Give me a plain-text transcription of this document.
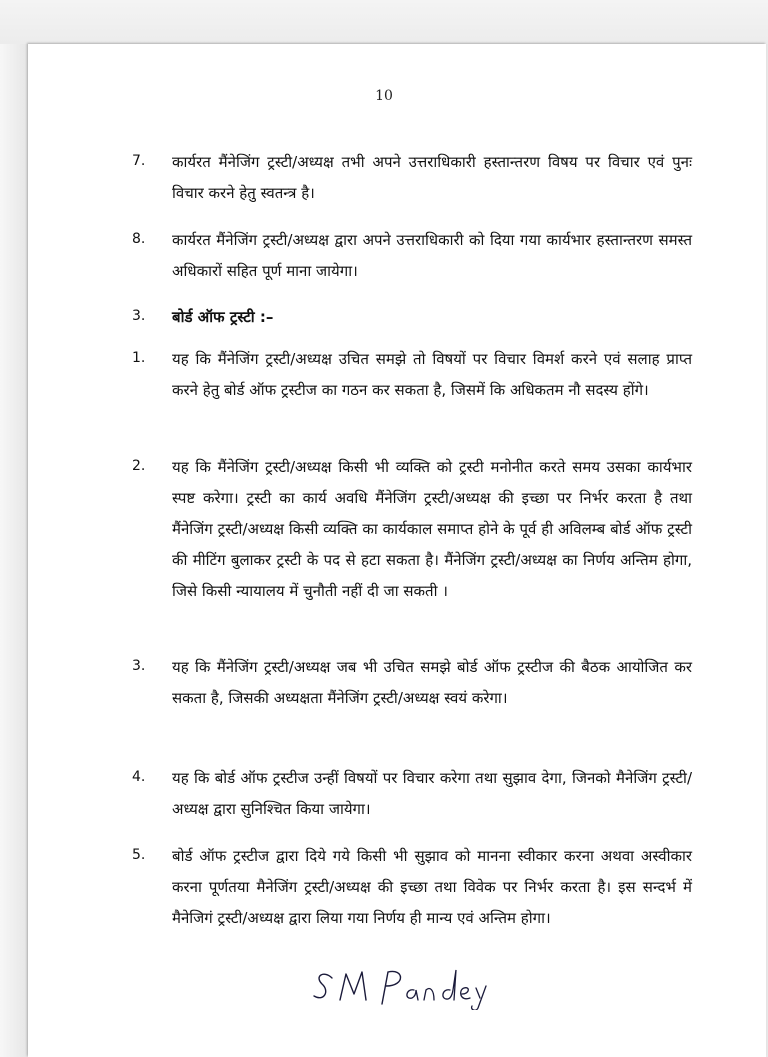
10
7. कार्यरत मैंनेजिंग ट्रस्टी/अध्यक्ष तभी अपने उत्तराधिकारी हस्तान्तरण विषय पर विचार एवं पुनः विचार करने हेतु स्वतन्त्र है।
8. कार्यरत मैंनेजिंग ट्रस्टी/अध्यक्ष द्वारा अपने उत्तराधिकारी को दिया गया कार्यभार हस्तान्तरण समस्त अधिकारों सहित पूर्ण माना जायेगा।
3. बोर्ड ऑफ ट्रस्टी :–
1. यह कि मैंनेजिंग ट्रस्टी/अध्यक्ष उचित समझे तो विषयों पर विचार विमर्श करने एवं सलाह प्राप्त करने हेतु बोर्ड ऑफ ट्रस्टीज का गठन कर सकता है, जिसमें कि अधिकतम नौ सदस्य होंगे।
2. यह कि मैंनेजिंग ट्रस्टी/अध्यक्ष किसी भी व्यक्ति को ट्रस्टी मनोनीत करते समय उसका कार्यभार स्पष्ट करेगा। ट्रस्टी का कार्य अवधि मैंनेजिंग ट्रस्टी/अध्यक्ष की इच्छा पर निर्भर करता है तथा मैंनेजिंग ट्रस्टी/अध्यक्ष किसी व्यक्ति का कार्यकाल समाप्त होने के पूर्व ही अविलम्ब बोर्ड ऑफ ट्रस्टी की मीटिंग बुलाकर ट्रस्टी के पद से हटा सकता है। मैंनेजिंग ट्रस्टी/अध्यक्ष का निर्णय अन्तिम होगा, जिसे किसी न्यायालय में चुनौती नहीं दी जा सकती ।
3. यह कि मैंनेजिंग ट्रस्टी/अध्यक्ष जब भी उचित समझे बोर्ड ऑफ ट्रस्टीज की बैठक आयोजित कर सकता है, जिसकी अध्यक्षता मैंनेजिंग ट्रस्टी/अध्यक्ष स्वयं करेगा।
4. यह कि बोर्ड ऑफ ट्रस्टीज उन्हीं विषयों पर विचार करेगा तथा सुझाव देगा, जिनको मैनेजिंग ट्रस्टी/अध्यक्ष द्वारा सुनिश्चित किया जायेगा।
5. बोर्ड ऑफ ट्रस्टीज द्वारा दिये गये किसी भी सुझाव को मानना स्वीकार करना अथवा अस्वीकार करना पूर्णतया मैनेजिंग ट्रस्टी/अध्यक्ष की इच्छा तथा विवेक पर निर्भर करता है। इस सन्दर्भ में मैनेजिगं ट्रस्टी/अध्यक्ष द्वारा लिया गया निर्णय ही मान्य एवं अन्तिम होगा।
